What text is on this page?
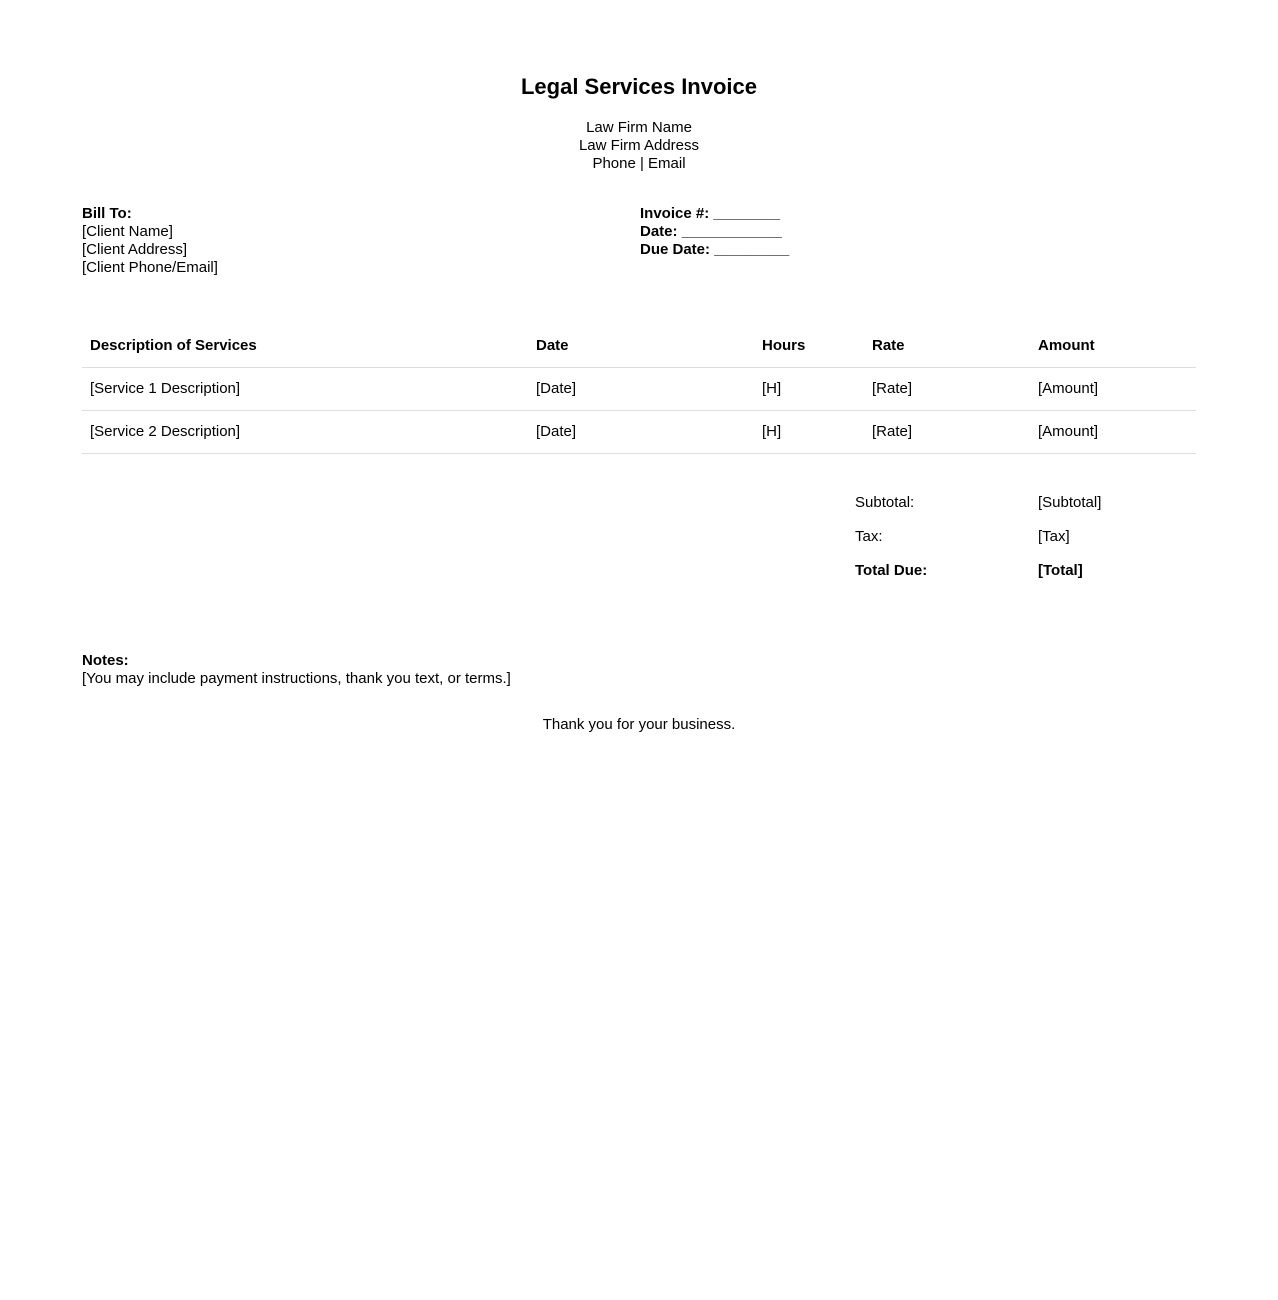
Legal Services Invoice
Law Firm Name
Law Firm Address
Phone | Email
Bill To:
[Client Name]
[Client Address]
[Client Phone/Email]
Invoice #: ________
Date: ____________
Due Date: _________
Description of Services	Date	Hours	Rate	Amount
[Service 1 Description]	[Date]	[H]	[Rate]	[Amount]
[Service 2 Description]	[Date]	[H]	[Rate]	[Amount]
Subtotal:	[Subtotal]
Tax:	[Tax]
Total Due:	[Total]
Notes:
[You may include payment instructions, thank you text, or terms.]
Thank you for your business.
